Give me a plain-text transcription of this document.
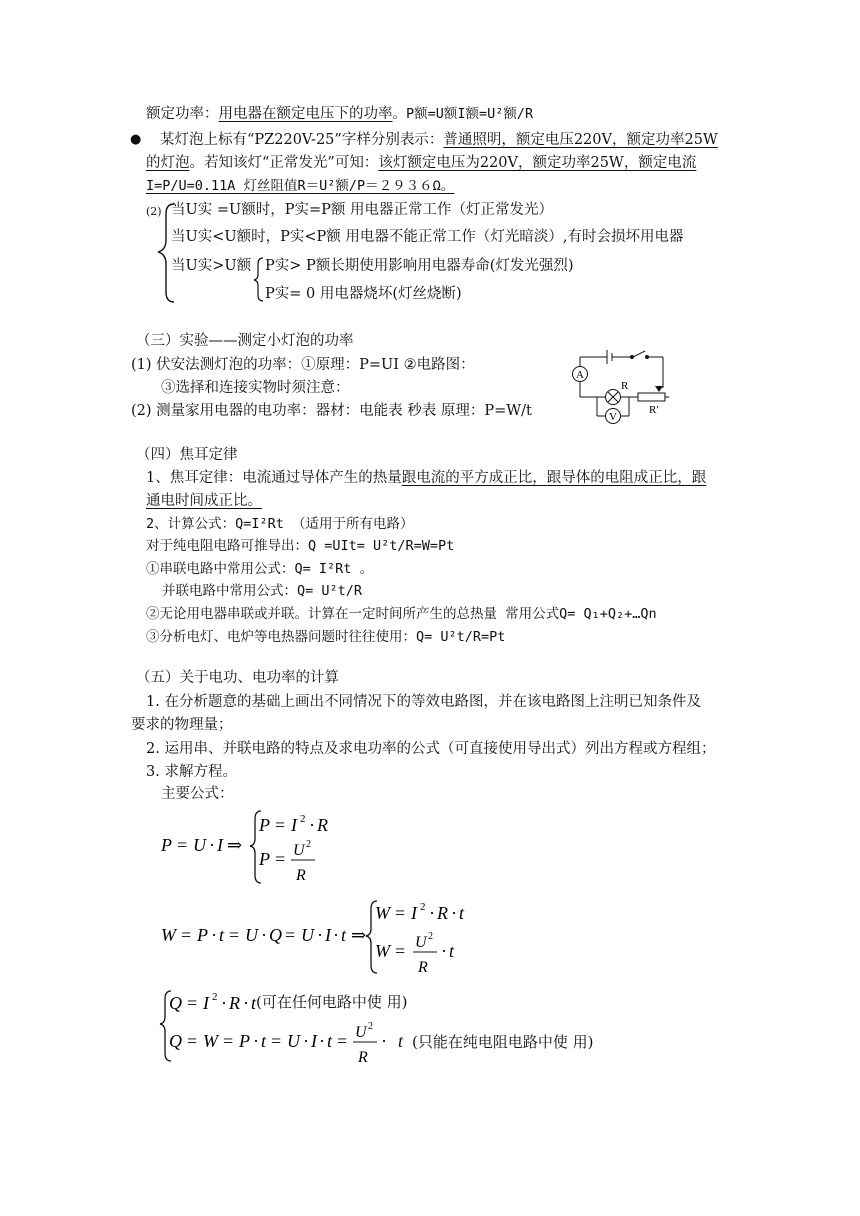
额定功率：用电器在额定电压下的功率。P额=U额I额=U²额/R
● 某灯泡上标有“PZ220V-25”字样分别表示：普通照明，额定电压220V，额定功率25W
的灯泡。若知该灯“正常发光”可知：该灯额定电压为220V，额定功率25W，额定电流
I=P/U=0.11A 灯丝阻值R＝U²额/P＝２９３６Ω。
(2) 当U实 =U额时，P实=P额 用电器正常工作（灯正常发光）
当U实<U额时，P实<P额 用电器不能正常工作（灯光暗淡）,有时会损坏用电器
当U实>U额 P实> P额长期使用影响用电器寿命(灯发光强烈)
P实= 0 用电器烧坏(灯丝烧断)
（三）实验——测定小灯泡的功率
(1) 伏安法测灯泡的功率：①原理：P=UI ②电路图：
③选择和连接实物时须注意：
(2) 测量家用电器的电功率：器材：电能表 秒表 原理：P=W/t
A
R
R′
V
（四）焦耳定律
1、焦耳定律：电流通过导体产生的热量跟电流的平方成正比，跟导体的电阻成正比，跟
通电时间成正比。
2、计算公式：Q=I²Rt （适用于所有电路）
对于纯电阻电路可推导出：Q =UIt= U²t/R=W=Pt
①串联电路中常用公式：Q= I²Rt 。
并联电路中常用公式：Q= U²t/R
②无论用电器串联或并联。计算在一定时间所产生的总热量 常用公式Q= Q₁+Q₂+…Qn
③分析电灯、电炉等电热器问题时往往使用：Q= U²t/R=Pt
（五）关于电功、电功率的计算
1. 在分析题意的基础上画出不同情况下的等效电路图，并在该电路图上注明已知条件及
要求的物理量；
2. 运用串、并联电路的特点及求电功率的公式（可直接使用导出式）列出方程或方程组；
3. 求解方程。
主要公式：
P = U · I ⇒
P = I 2 · R
P = U 2
R
W = P · t = U · Q = U · I · t ⇒
W = I 2 · R · t
W = U 2
R
· t
Q = I 2 · R · t
Q = W = P · t = U · I · t = U 2
R
·
(可在任何电路中使 用)
t (只能在纯电阻电路中使 用)
